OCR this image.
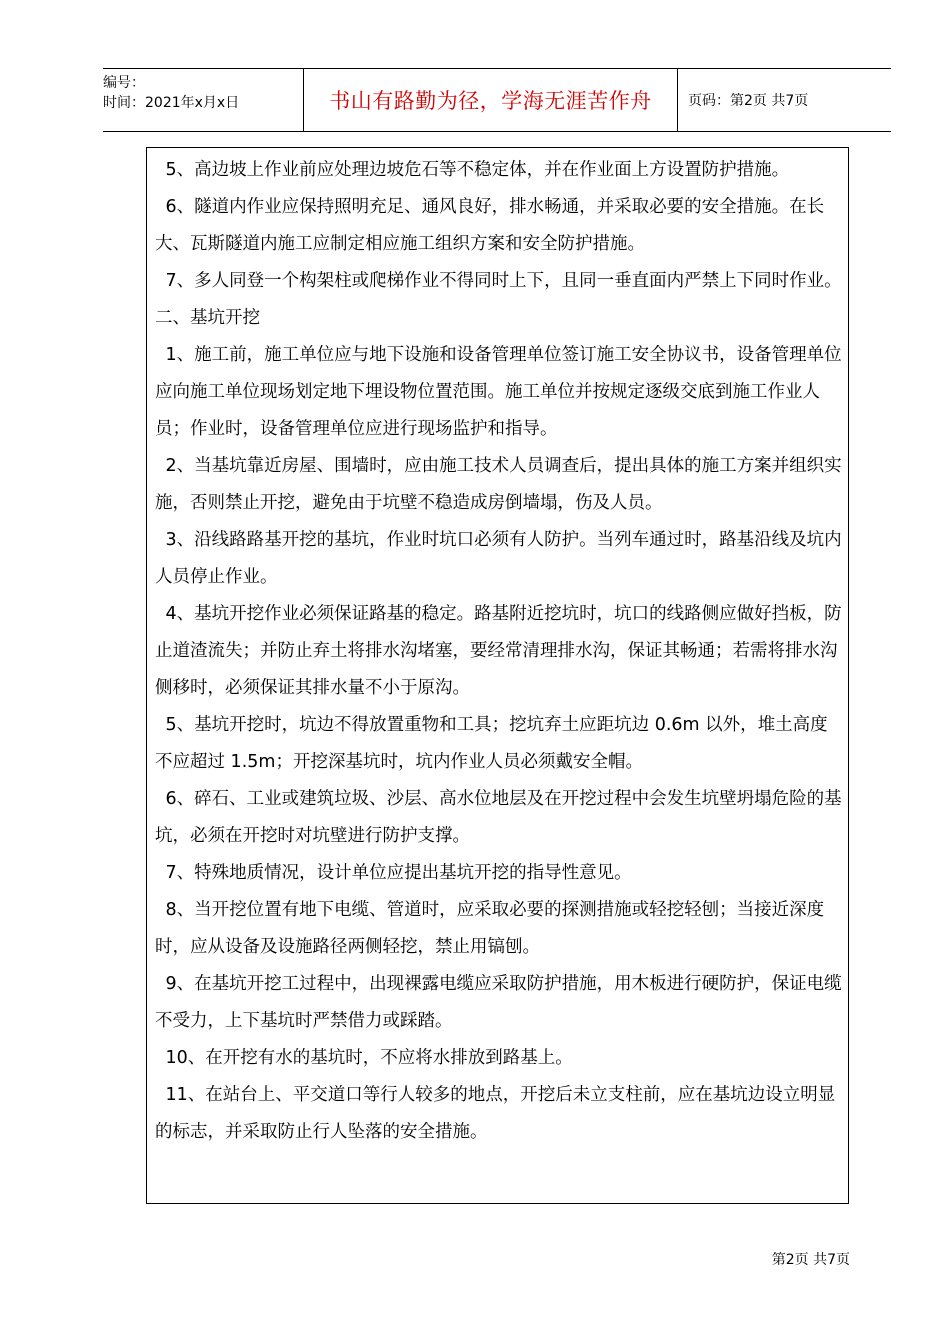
编号：
时间：2021年x月x日	书山有路勤为径，学海无涯苦作舟	页码：第2页 共7页

5、高边坡上作业前应处理边坡危石等不稳定体，并在作业面上方设置防护措施。

6、隧道内作业应保持照明充足、通风良好，排水畅通，并采取必要的安全措施。在长大、瓦斯隧道内施工应制定相应施工组织方案和安全防护措施。

7、多人同登一个构架柱或爬梯作业不得同时上下，且同一垂直面内严禁上下同时作业。

二、基坑开挖

1、施工前，施工单位应与地下设施和设备管理单位签订施工安全协议书，设备管理单位应向施工单位现场划定地下埋设物位置范围。施工单位并按规定逐级交底到施工作业人员；作业时，设备管理单位应进行现场监护和指导。

2、当基坑靠近房屋、围墙时，应由施工技术人员调查后，提出具体的施工方案并组织实施，否则禁止开挖，避免由于坑壁不稳造成房倒墙塌，伤及人员。

3、沿线路路基开挖的基坑，作业时坑口必须有人防护。当列车通过时，路基沿线及坑内人员停止作业。

4、基坑开挖作业必须保证路基的稳定。路基附近挖坑时，坑口的线路侧应做好挡板，防止道渣流失；并防止弃土将排水沟堵塞，要经常清理排水沟，保证其畅通；若需将排水沟侧移时，必须保证其排水量不小于原沟。

5、基坑开挖时，坑边不得放置重物和工具；挖坑弃土应距坑边 0.6m 以外，堆土高度不应超过 1.5m；开挖深基坑时，坑内作业人员必须戴安全帽。

6、碎石、工业或建筑垃圾、沙层、高水位地层及在开挖过程中会发生坑壁坍塌危险的基坑，必须在开挖时对坑壁进行防护支撑。

7、特殊地质情况，设计单位应提出基坑开挖的指导性意见。

8、当开挖位置有地下电缆、管道时，应采取必要的探测措施或轻挖轻刨；当接近深度时，应从设备及设施路径两侧轻挖，禁止用镐刨。

9、在基坑开挖工过程中，出现裸露电缆应采取防护措施，用木板进行硬防护，保证电缆不受力，上下基坑时严禁借力或踩踏。

10、在开挖有水的基坑时，不应将水排放到路基上。

11、在站台上、平交道口等行人较多的地点，开挖后未立支柱前，应在基坑边设立明显的标志，并采取防止行人坠落的安全措施。

第2页 共7页
